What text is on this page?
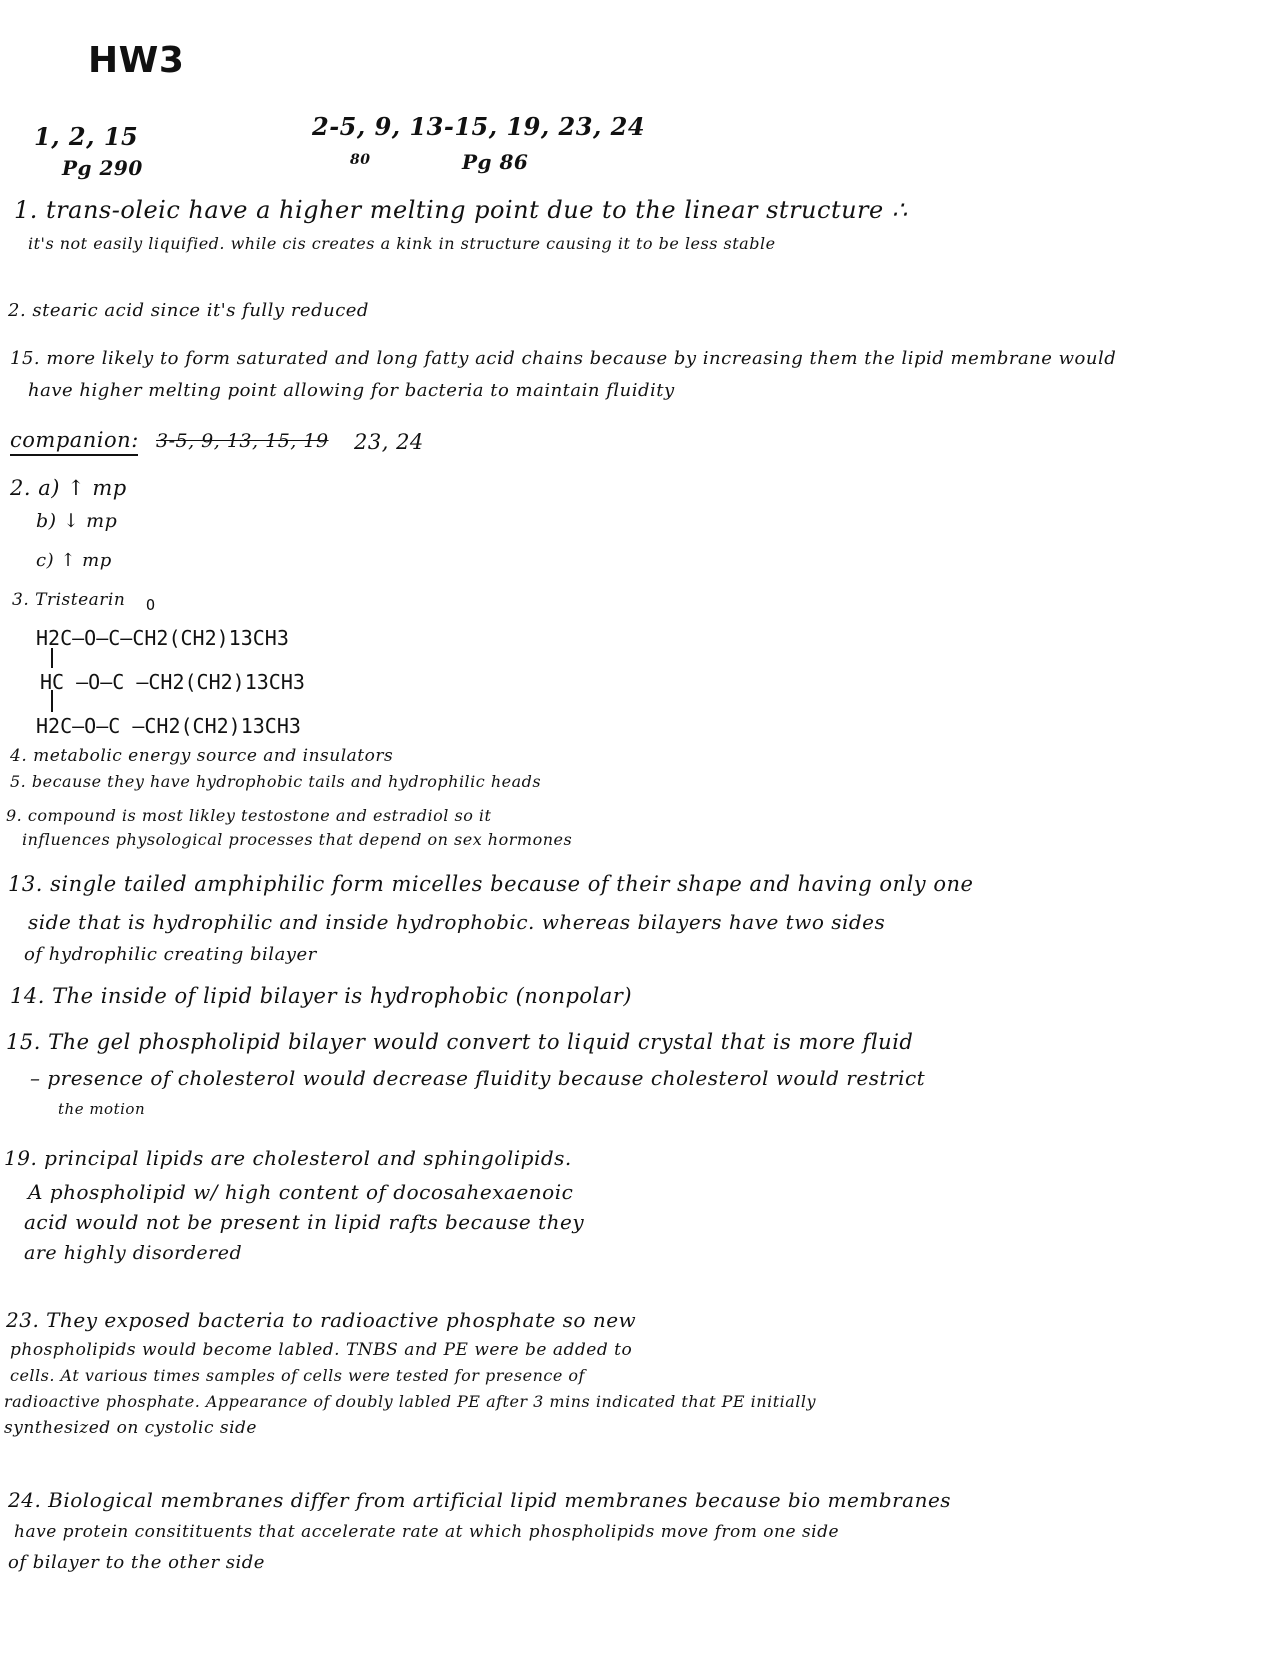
HW3
1, 2, 15
Pg 290
2-5, 9, 13-15, 19, 23, 24
80	Pg 86
1. trans-oleic have a higher melting point due to the linear structure ∴
it's not easily liquified. while cis creates a kink in structure causing it to be less stable
2. stearic acid since it's fully reduced
15. more likely to form saturated and long fatty acid chains because by increasing them the lipid membrane would
have higher melting point allowing for bacteria to maintain fluidity
companion: 3-5, 9, 13, 15, 19 23, 24
2. a) ↑ mp
b) ↓ mp
c) ↑ mp
3. Tristearin O
H2C—O—C—CH2(CH2)13CH3
HC —O—C —CH2(CH2)13CH3
H2C—O—C —CH2(CH2)13CH3
4. metabolic energy source and insulators
5. because they have hydrophobic tails and hydrophilic heads
9. compound is most likley testostone and estradiol so it
influences physological processes that depend on sex hormones
13. single tailed amphiphilic form micelles because of their shape and having only one
side that is hydrophilic and inside hydrophobic. whereas bilayers have two sides
of hydrophilic creating bilayer
14. The inside of lipid bilayer is hydrophobic (nonpolar)
15. The gel phospholipid bilayer would convert to liquid crystal that is more fluid
– presence of cholesterol would decrease fluidity because cholesterol would restrict
the motion
19. principal lipids are cholesterol and sphingolipids.
A phospholipid w/ high content of docosahexaenoic
acid would not be present in lipid rafts because they
are highly disordered
23. They exposed bacteria to radioactive phosphate so new
phospholipids would become labled. TNBS and PE were be added to
cells. At various times samples of cells were tested for presence of
radioactive phosphate. Appearance of doubly labled PE after 3 mins indicated that PE initially
synthesized on cystolic side
24. Biological membranes differ from artificial lipid membranes because bio membranes
have protein consitituents that accelerate rate at which phospholipids move from one side
of bilayer to the other side
